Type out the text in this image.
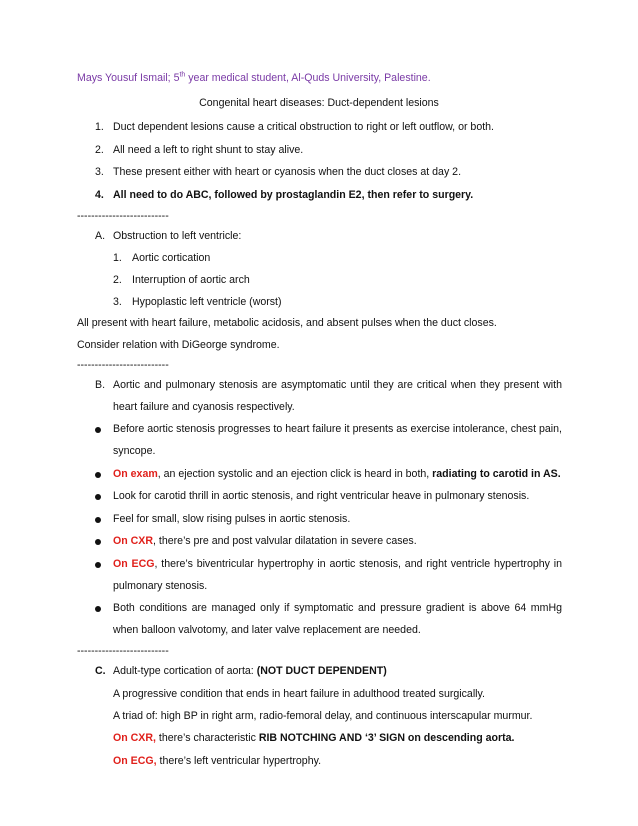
Mays Yousuf Ismail; 5th year medical student, Al-Quds University, Palestine.
Congenital heart diseases: Duct-dependent lesions
1. Duct dependent lesions cause a critical obstruction to right or left outflow, or both.
2. All need a left to right shunt to stay alive.
3. These present either with heart or cyanosis when the duct closes at day 2.
4. All need to do ABC, followed by prostaglandin E2, then refer to surgery.
--------------------------
A. Obstruction to left ventricle:
1. Aortic cortication
2. Interruption of aortic arch
3. Hypoplastic left ventricle (worst)
All present with heart failure, metabolic acidosis, and absent pulses when the duct closes.
Consider relation with DiGeorge syndrome.
--------------------------
B. Aortic and pulmonary stenosis are asymptomatic until they are critical when they present with
heart failure and cyanosis respectively.
Before aortic stenosis progresses to heart failure it presents as exercise intolerance, chest pain,
syncope.
On exam, an ejection systolic and an ejection click is heard in both, radiating to carotid in AS.
Look for carotid thrill in aortic stenosis, and right ventricular heave in pulmonary stenosis.
Feel for small, slow rising pulses in aortic stenosis.
On CXR, there’s pre and post valvular dilatation in severe cases.
On ECG, there’s biventricular hypertrophy in aortic stenosis, and right ventricle hypertrophy in
pulmonary stenosis.
Both conditions are managed only if symptomatic and pressure gradient is above 64 mmHg
when balloon valvotomy, and later valve replacement are needed.
--------------------------
C. Adult-type cortication of aorta: (NOT DUCT DEPENDENT)
A progressive condition that ends in heart failure in adulthood treated surgically.
A triad of: high BP in right arm, radio-femoral delay, and continuous interscapular murmur.
On CXR, there’s characteristic RIB NOTCHING AND ‘3’ SIGN on descending aorta.
On ECG, there’s left ventricular hypertrophy.
